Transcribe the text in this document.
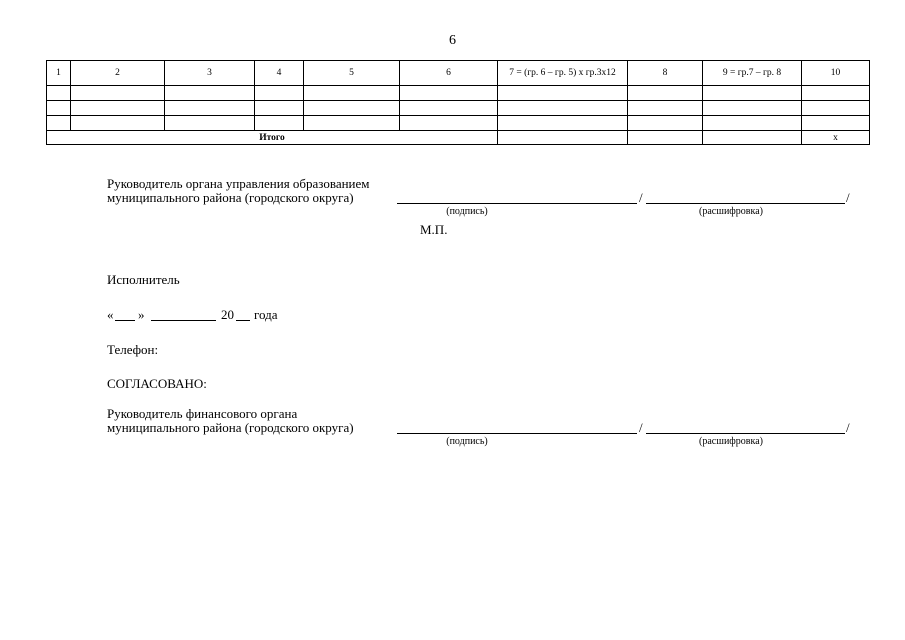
6
1	2	3	4	5	6	7 = (гр. 6 – гр. 5) х гр.3х12	8	9 = гр.7 – гр. 8	10

Итого									х
Руководитель органа управления образованием
муниципального района (городского округа)	/	/
(подпись)	(расшифровка)
М.П.
Исполнитель
« »	20 года
Телефон:
СОГЛАСОВАНО:
Руководитель финансового органа
муниципального района (городского округа)	/	/
(подпись)	(расшифровка)
